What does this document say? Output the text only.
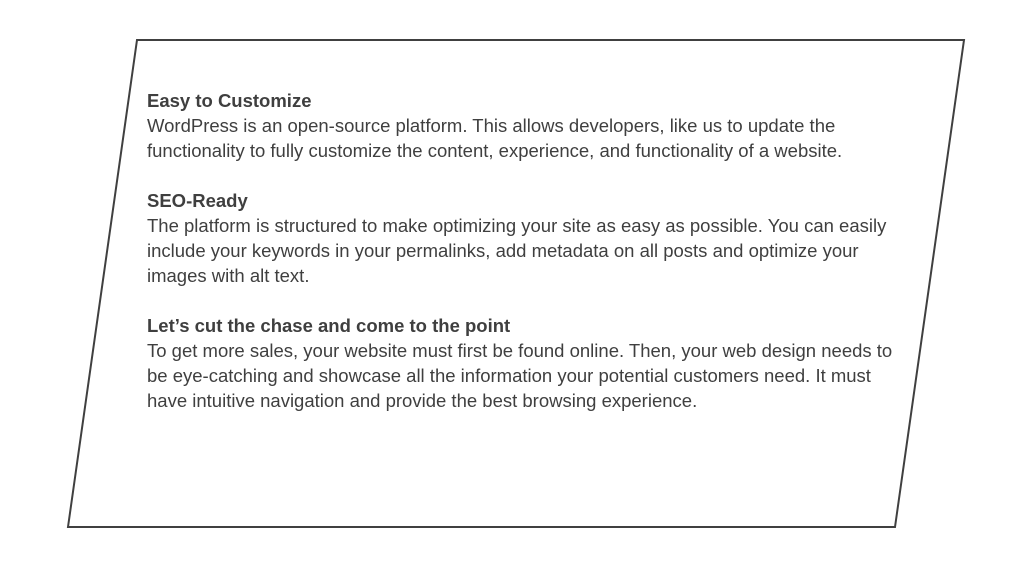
Easy to Customize
WordPress is an open-source platform. This allows developers, like us to update the functionality to fully customize the content, experience, and functionality of a website.
SEO-Ready
The platform is structured to make optimizing your site as easy as possible. You can easily include your keywords in your permalinks, add metadata on all posts and optimize your images with alt text.
Let’s cut the chase and come to the point
To get more sales, your website must first be found online. Then, your web design needs to be eye-catching and showcase all the information your potential customers need. It must have intuitive navigation and provide the best browsing experience.
